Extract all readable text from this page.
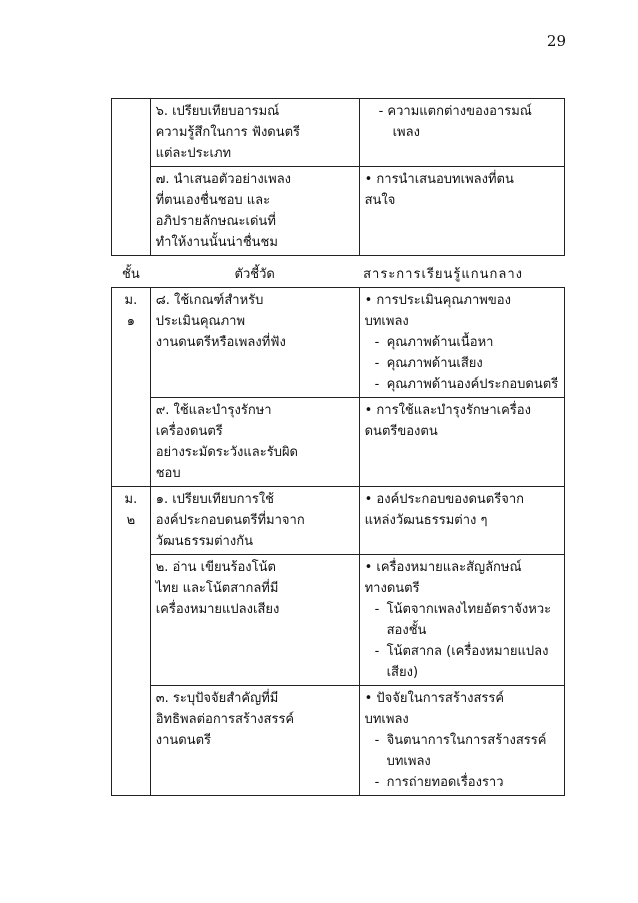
29

	๖. เปรียบเทียบอารมณ์
ความรู้สึกในการ ฟังดนตรี
แต่ละประเภท	- ความแตกต่างของอารมณ์เพลง

	๗. นำเสนอตัวอย่างเพลง
ที่ตนเองชื่นชอบ และ
อภิปรายลักษณะเด่นที่
ทำให้งานนั้นน่าชื่นชม	• การนำเสนอบทเพลงที่ตน
สนใจ
ชั้น	ตัวชี้วัด	สาระการเรียนรู้แกนกลาง

ม.
๑	๘. ใช้เกณฑ์สำหรับ
ประเมินคุณภาพ
งานดนตรีหรือเพลงที่ฟัง	• การประเมินคุณภาพของ
บทเพลง
- คุณภาพด้านเนื้อหา
- คุณภาพด้านเสียง
- คุณภาพด้านองค์ประกอบดนตรี

	๙. ใช้และบำรุงรักษา
เครื่องดนตรี
อย่างระมัดระวังและรับผิด
ชอบ	• การใช้และบำรุงรักษาเครื่อง
ดนตรีของตน

ม.
๒	๑. เปรียบเทียบการใช้
องค์ประกอบดนตรีที่มาจาก
วัฒนธรรมต่างกัน	• องค์ประกอบของดนตรีจาก
แหล่งวัฒนธรรมต่าง ๆ

	๒. อ่าน เขียนร้องโน้ต
ไทย และโน้ตสากลที่มี
เครื่องหมายแปลงเสียง	• เครื่องหมายและสัญลักษณ์
ทางดนตรี
- โน้ตจากเพลงไทยอัตราจังหวะสองชั้น
- โน้ตสากล (เครื่องหมายแปลงเสียง)

	๓. ระบุปัจจัยสำคัญที่มี
อิทธิพลต่อการสร้างสรรค์
งานดนตรี	• ปัจจัยในการสร้างสรรค์
บทเพลง
- จินตนาการในการสร้างสรรค์บทเพลง
- การถ่ายทอดเรื่องราว
